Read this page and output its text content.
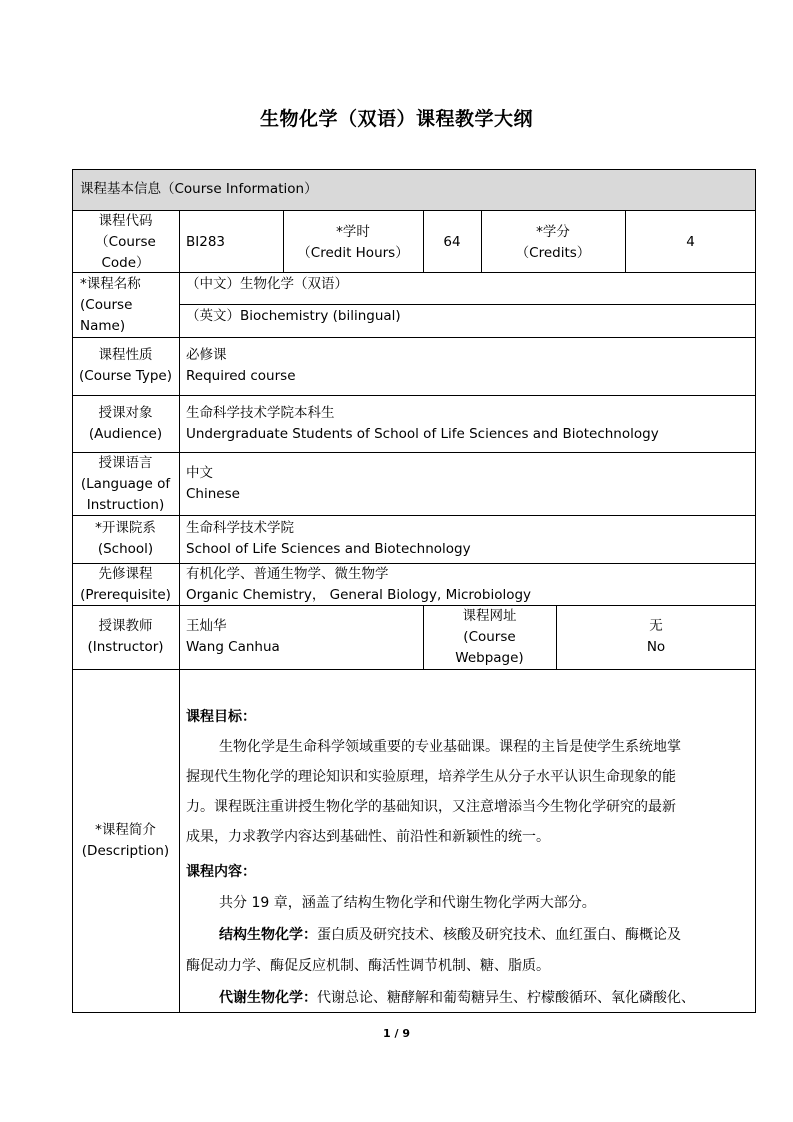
生物化学（双语）课程教学大纲
课程基本信息（Course Information）
课程代码
（Course
Code）
BI283
*学时
（Credit Hours）
64
*学分
（Credits）
4
*课程名称
(Course
Name)
（中文）生物化学（双语）
（英文）Biochemistry (bilingual)
课程性质
(Course Type)
必修课
Required course
授课对象
(Audience)
生命科学技术学院本科生
Undergraduate Students of School of Life Sciences and Biotechnology
授课语言
(Language of
Instruction)
中文
Chinese
*开课院系
(School)
生命科学技术学院
School of Life Sciences and Biotechnology
先修课程
(Prerequisite)
有机化学、普通生物学、微生物学
Organic Chemistry， General Biology, Microbiology
授课教师
(Instructor)
王灿华
Wang Canhua
课程网址
(Course
Webpage)
无
No
*课程简介
(Description)
课程目标：
生物化学是生命科学领域重要的专业基础课。课程的主旨是使学生系统地掌
握现代生物化学的理论知识和实验原理，培养学生从分子水平认识生命现象的能
力。课程既注重讲授生物化学的基础知识，又注意增添当今生物化学研究的最新
成果，力求教学内容达到基础性、前沿性和新颖性的统一。
课程内容：
共分 19 章，涵盖了结构生物化学和代谢生物化学两大部分。
结构生物化学：蛋白质及研究技术、核酸及研究技术、血红蛋白、酶概论及
酶促动力学、酶促反应机制、酶活性调节机制、糖、脂质。
代谢生物化学：代谢总论、糖酵解和葡萄糖异生、柠檬酸循环、氧化磷酸化、
1 / 9
